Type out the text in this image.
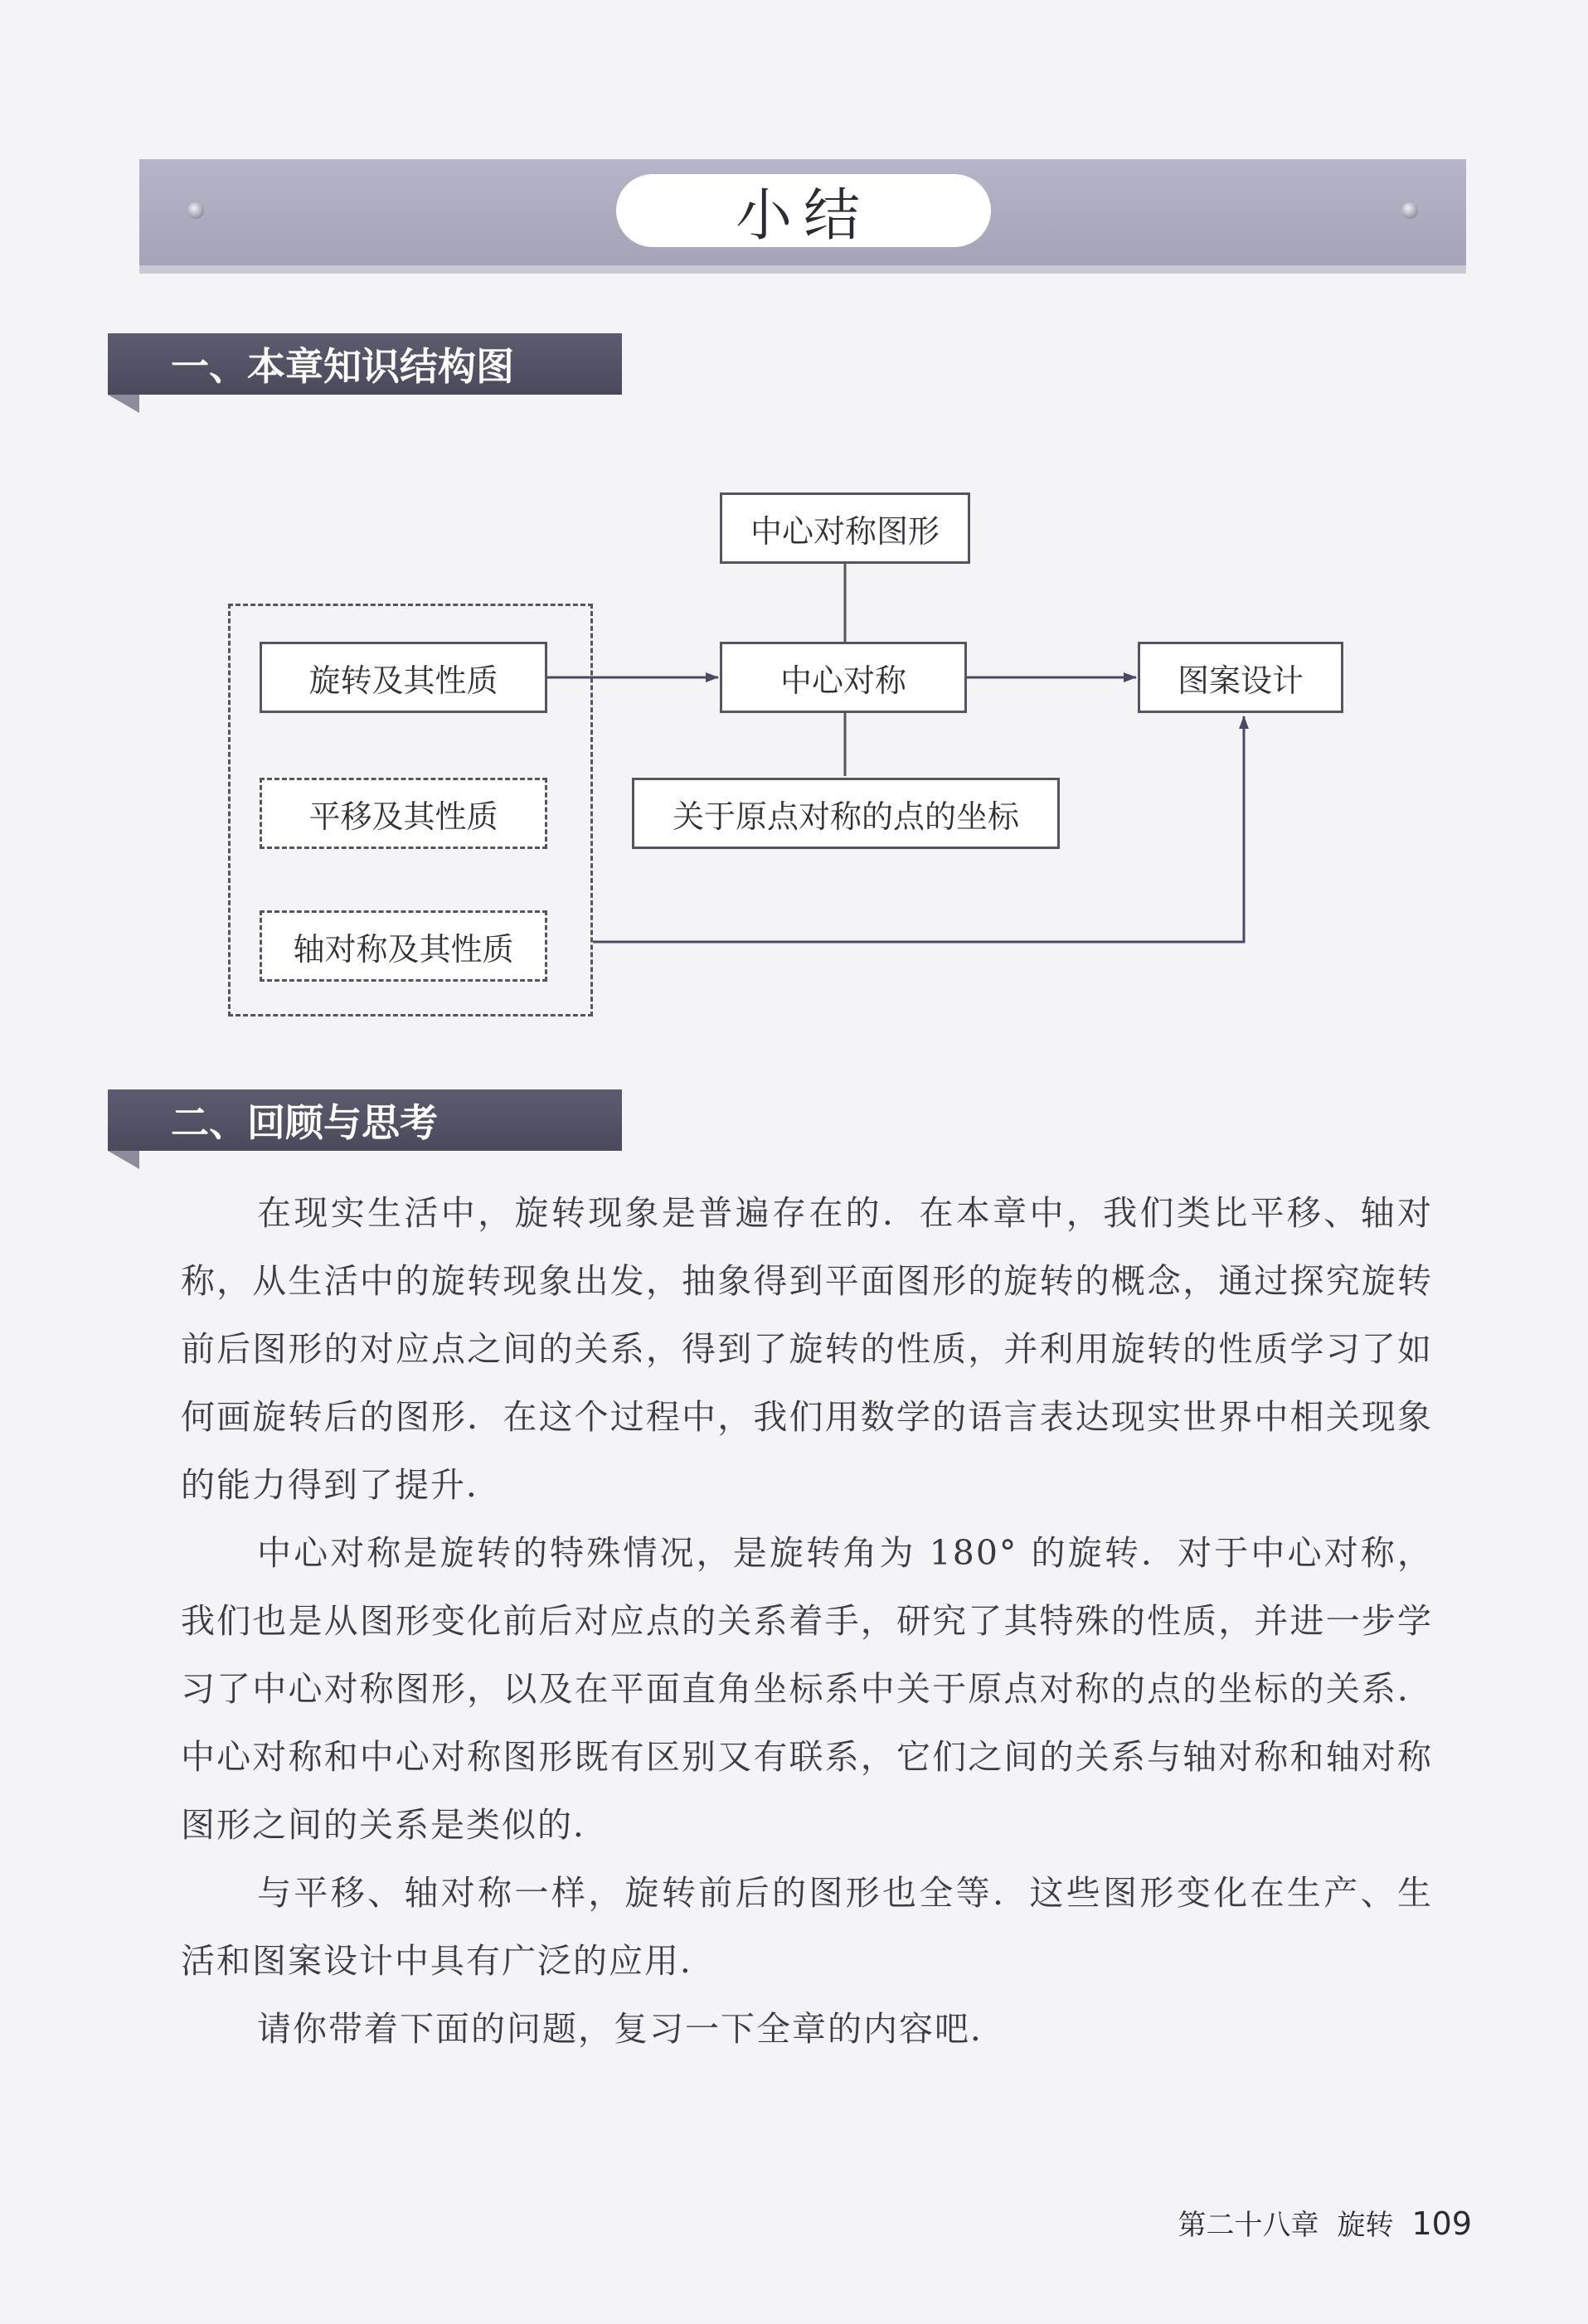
小结
一、本章知识结构图
中心对称图形
旋转及其性质	中心对称	图案设计
平移及其性质	关于原点对称的点的坐标
轴对称及其性质
二、回顾与思考

在现实生活中，旋转现象是普遍存在的．在本章中，我们类比平移、轴对称，从生活中的旋转现象出发，抽象得到平面图形的旋转的概念，通过探究旋转前后图形的对应点之间的关系，得到了旋转的性质，并利用旋转的性质学习了如何画旋转后的图形．在这个过程中，我们用数学的语言表达现实世界中相关现象的能力得到了提升．

中心对称是旋转的特殊情况，是旋转角为 180° 的旋转．对于中心对称，我们也是从图形变化前后对应点的关系着手，研究了其特殊的性质，并进一步学习了中心对称图形，以及在平面直角坐标系中关于原点对称的点的坐标的关系．中心对称和中心对称图形既有区别又有联系，它们之间的关系与轴对称和轴对称图形之间的关系是类似的．

与平移、轴对称一样，旋转前后的图形也全等．这些图形变化在生产、生活和图案设计中具有广泛的应用．

请你带着下面的问题，复习一下全章的内容吧．

第二十八章 旋转 109
